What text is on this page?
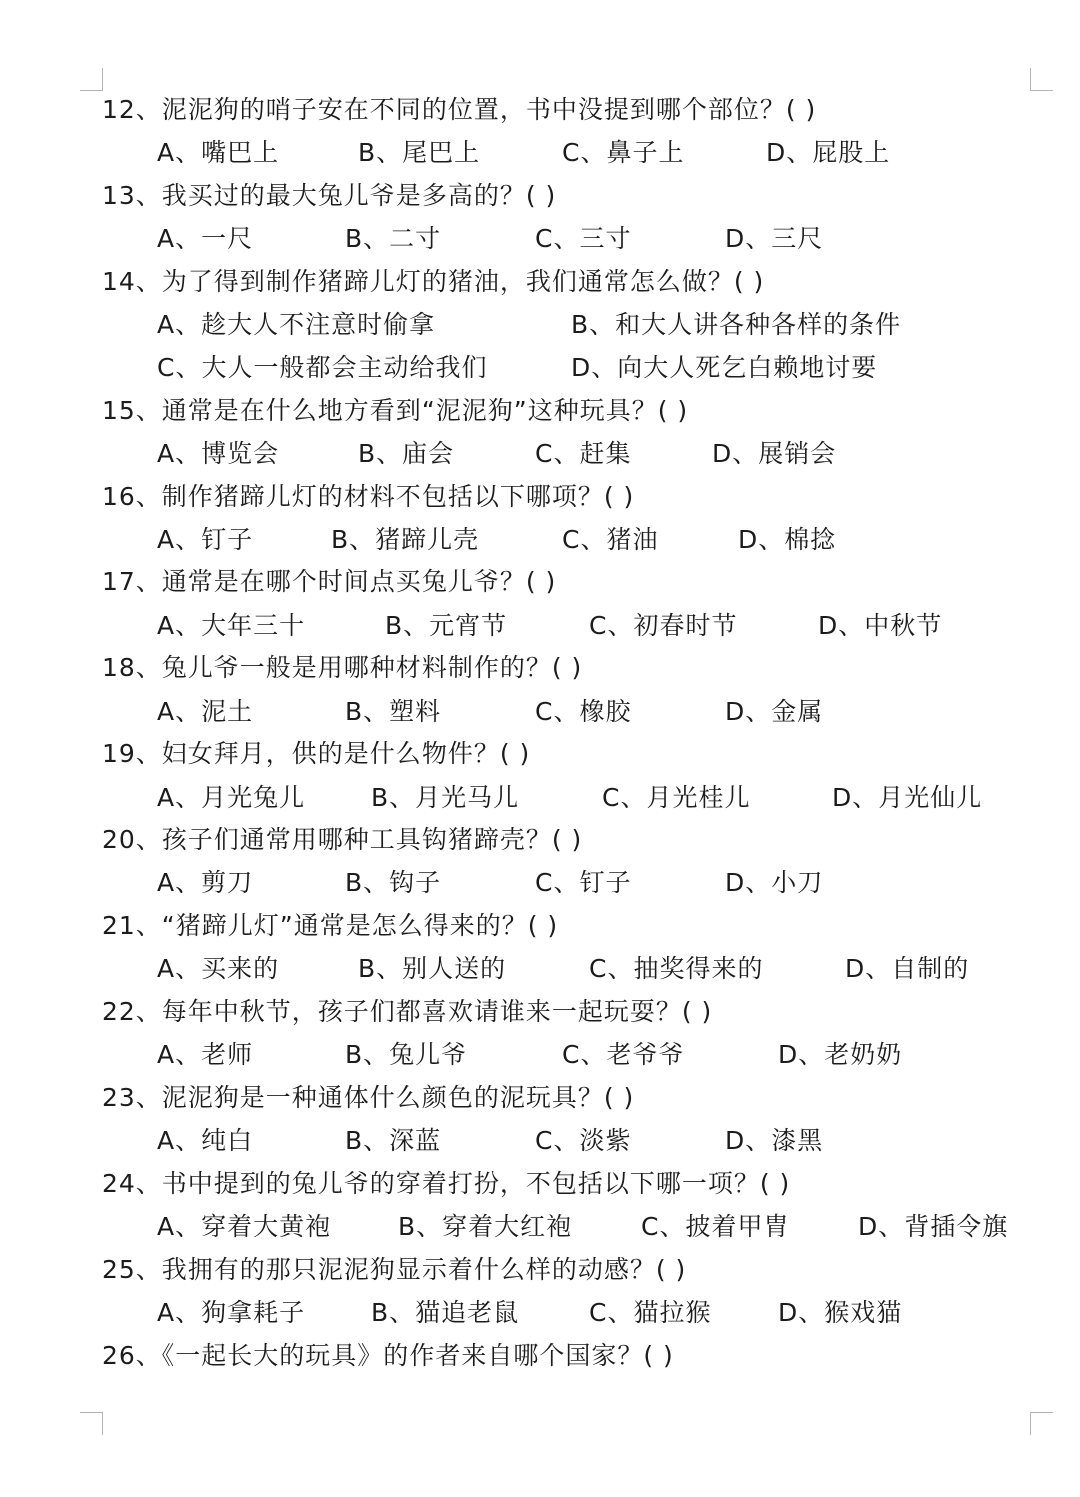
12、泥泥狗的哨子安在不同的位置，书中没提到哪个部位？( )
A、嘴巴上	B、尾巴上	C、鼻子上	D、屁股上
13、我买过的最大兔儿爷是多高的？( )
A、一尺	B、二寸	C、三寸	D、三尺
14、为了得到制作猪蹄儿灯的猪油，我们通常怎么做？( )
A、趁大人不注意时偷拿	B、和大人讲各种各样的条件
C、大人一般都会主动给我们	D、向大人死乞白赖地讨要
15、通常是在什么地方看到“泥泥狗”这种玩具？( )
A、博览会	B、庙会	C、赶集	D、展销会
16、制作猪蹄儿灯的材料不包括以下哪项？( )
A、钉子	B、猪蹄儿壳	C、猪油	D、棉捻
17、通常是在哪个时间点买兔儿爷？( )
A、大年三十	B、元宵节	C、初春时节	D、中秋节
18、兔儿爷一般是用哪种材料制作的？( )
A、泥土	B、塑料	C、橡胶	D、金属
19、妇女拜月，供的是什么物件？( )
A、月光兔儿	B、月光马儿	C、月光桂儿	D、月光仙儿
20、孩子们通常用哪种工具钩猪蹄壳？( )
A、剪刀	B、钩子	C、钉子	D、小刀
21、“猪蹄儿灯”通常是怎么得来的？( )
A、买来的	B、别人送的	C、抽奖得来的	D、自制的
22、每年中秋节，孩子们都喜欢请谁来一起玩耍？( )
A、老师	B、兔儿爷	C、老爷爷	D、老奶奶
23、泥泥狗是一种通体什么颜色的泥玩具？( )
A、纯白	B、深蓝	C、淡紫	D、漆黑
24、书中提到的兔儿爷的穿着打扮，不包括以下哪一项？( )
A、穿着大黄袍	B、穿着大红袍	C、披着甲胄	D、背插令旗
25、我拥有的那只泥泥狗显示着什么样的动感？( )
A、狗拿耗子	B、猫追老鼠	C、猫拉猴	D、猴戏猫
26、《一起长大的玩具》的作者来自哪个国家？( )
